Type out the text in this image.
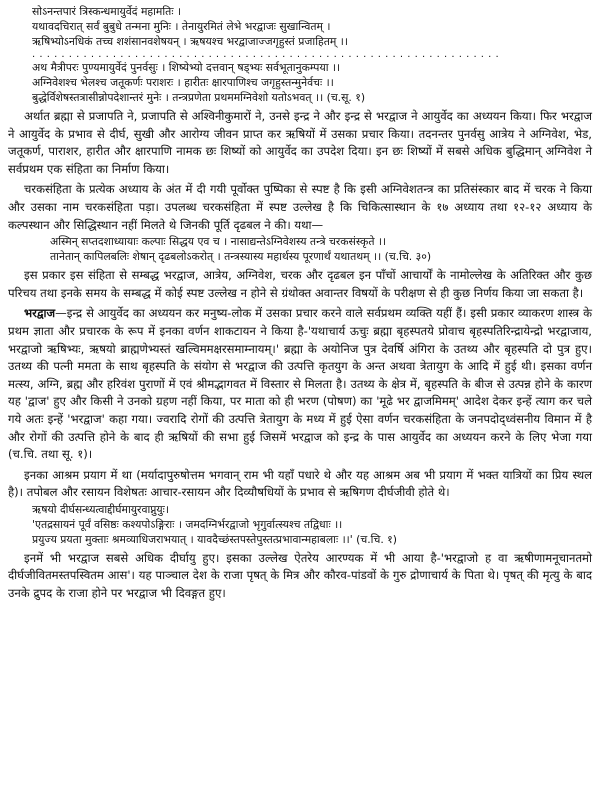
सोऽनन्तपारं त्रिस्कन्धमायुर्वेदं महामतिः ।
यथावदचिरात् सर्वं बुबुधे तन्मना मुनिः । तेनायुरमितं लेभे भरद्वाजः सुखान्वितम् ।
ऋषिभ्योऽनधिकं तच्च शशंसानवशेषयन् । ऋषयश्च भरद्वाजाज्जगृहुस्तं प्रजाहितम् ।।
. . . . . . . . . . . . . . . . . . . . . . . . . . . . . . . . . . . . . . . . . . . . . . . . . . . . . . . . . . . . . . . .
अथ मैत्रीपरः पुण्यमायुर्वेदं पुनर्वसुः । शिष्येभ्यो दत्तवान् षड्भ्यः सर्वभूतानुकम्पया ।।
अग्निवेशश्च भेलश्च जतूकर्णः पराशरः । हारीतः क्षारपाणिश्च जगृहुस्तन्मुनेर्वचः ।।
बुद्धेर्विशेषस्तत्रासीन्नोपदेशान्तरं मुनेः । तन्त्रप्रणेता प्रथममग्निवेशो यतोऽभवत् ।। (च.सू. १)

अर्थात ब्रह्मा से प्रजापति ने, प्रजापति से अश्विनीकुमारों ने, उनसे इन्द्र ने और इन्द्र से भरद्वाज ने आयुर्वेद का अध्ययन किया। फिर भरद्वाज ने आयुर्वेद के प्रभाव से दीर्घ, सुखी और आरोग्य जीवन प्राप्त कर ऋषियों में उसका प्रचार किया। तदनन्तर पुनर्वसु आत्रेय ने अग्निवेश, भेड, जतूकर्ण, पाराशर, हारीत और क्षारपाणि नामक छः शिष्यों को आयुर्वेद का उपदेश दिया। इन छः शिष्यों में सबसे अधिक बुद्धिमान् अग्निवेश ने सर्वप्रथम एक संहिता का निर्माण किया।

चरकसंहिता के प्रत्येक अध्याय के अंत में दी गयी पूर्वोक्त पुष्पिका से स्पष्ट है कि इसी अग्निवेशतन्त्र का प्रतिसंस्कार बाद में चरक ने किया और उसका नाम चरकसंहिता पड़ा। उपलब्ध चरकसंहिता में स्पष्ट उल्लेख है कि चिकित्सास्थान के १७ अध्याय तथा १२-१२ अध्याय के कल्पस्थान और सिद्धिस्थान नहीं मिलते थे जिनकी पूर्ति दृढबल ने की। यथा—

अस्मिन् सप्तदशाध्यायाः कल्पाः सिद्धय एव च । नासाद्यन्तेऽग्निवेशस्य तन्त्रे चरकसंस्कृते ।।
तानेतान् कापिलबलिः शेषान् दृढबलोऽकरोत् । तन्त्रस्यास्य महार्थस्य पूरणार्थं यथातथम् ।। (च.चि. ३०)

इस प्रकार इस संहिता से सम्बद्ध भरद्वाज, आत्रेय, अग्निवेश, चरक और दृढबल इन पाँचों आचार्यों के नामोल्लेख के अतिरिक्त और कुछ परिचय तथा इनके समय के सम्बद्ध में कोई स्पष्ट उल्लेख न होने से ग्रंथोक्त अवान्तर विषयों के परीक्षण से ही कुछ निर्णय किया जा सकता है।

भरद्वाज—इन्द्र से आयुर्वेद का अध्ययन कर मनुष्य-लोक में उसका प्रचार करने वाले सर्वप्रथम व्यक्ति यहीं हैं। इसी प्रकार व्याकरण शास्त्र के प्रथम ज्ञाता और प्रचारक के रूप में इनका वर्णन शाकटायन ने किया है-'यथाचार्य ऊचुः ब्रह्मा बृहस्पतये प्रोवाच बृहस्पतिरिन्द्रायेन्द्रो भरद्वाजाय, भरद्वाजो ऋषिभ्यः, ऋषयो ब्राह्मणेभ्यस्तं खल्विममक्षरसमाम्नायम्।' ब्रह्मा के अयोनिज पुत्र देवर्षि अंगिरा के उतथ्य और बृहस्पति दो पुत्र हुए। उतथ्य की पत्नी ममता के साथ बृहस्पति के संयोग से भरद्वाज की उत्पत्ति कृतयुग के अन्त अथवा त्रेतायुग के आदि में हुई थी। इसका वर्णन मत्स्य, अग्नि, ब्रह्म और हरिवंश पुराणों में एवं श्रीमद्भागवत में विस्तार से मिलता है। उतथ्य के क्षेत्र में, बृहस्पति के बीज से उत्पन्न होने के कारण यह 'द्वाज' हुए और किसी ने उनको ग्रहण नहीं किया, पर माता को ही भरण (पोषण) का 'मूढे भर द्वाजमिमम्' आदेश देकर इन्हें त्याग कर चले गये अतः इन्हें 'भरद्वाज' कहा गया। ज्वरादि रोगों की उत्पत्ति त्रेतायुग के मध्य में हुई ऐसा वर्णन चरकसंहिता के जनपदोद्ध्वंसनीय विमान में है और रोगों की उत्पत्ति होने के बाद ही ऋषियों की सभा हुई जिसमें भरद्वाज को इन्द्र के पास आयुर्वेद का अध्ययन करने के लिए भेजा गया (च.चि. तथा सू. १)।

इनका आश्रम प्रयाग में था (मर्यादापुरुषोत्तम भगवान् राम भी यहाँ पधारे थे और यह आश्रम अब भी प्रयाग में भक्त यात्रियों का प्रिय स्थल है)। तपोबल और रसायन विशेषतः आचार-रसायन और दिव्यौषधियों के प्रभाव से ऋषिगण दीर्घजीवी होते थे।

ऋषयो दीर्घसन्ध्यत्वाद्दीर्घमायुरवाप्नुयुः।
'एतद्रसायनं पूर्वं वसिष्ठः कश्यपोऽङ्गिराः । जमदग्निर्भरद्वाजो भृगुर्वात्स्यश्च तद्विधाः ।।
प्रयुज्य प्रयता मुक्ताः श्रमव्याधिजराभयात् । यावदैच्छंस्तपस्तेपुस्तत्प्रभावान्महाबलाः ।।' (च.चि. १)

इनमें भी भरद्वाज सबसे अधिक दीर्घायु हुए। इसका उल्लेख ऐतरेय आरण्यक में भी आया है-'भरद्वाजो ह वा ऋषीणामनूचानतमो दीर्घजीवितमस्तपस्वितम आस'। यह पाञ्चाल देश के राजा पृषत् के मित्र और कौरव-पांडवों के गुरु द्रोणाचार्य के पिता थे। पृषत् की मृत्यु के बाद उनके द्रुपद के राजा होने पर भरद्वाज भी दिवङ्गत हुए।
